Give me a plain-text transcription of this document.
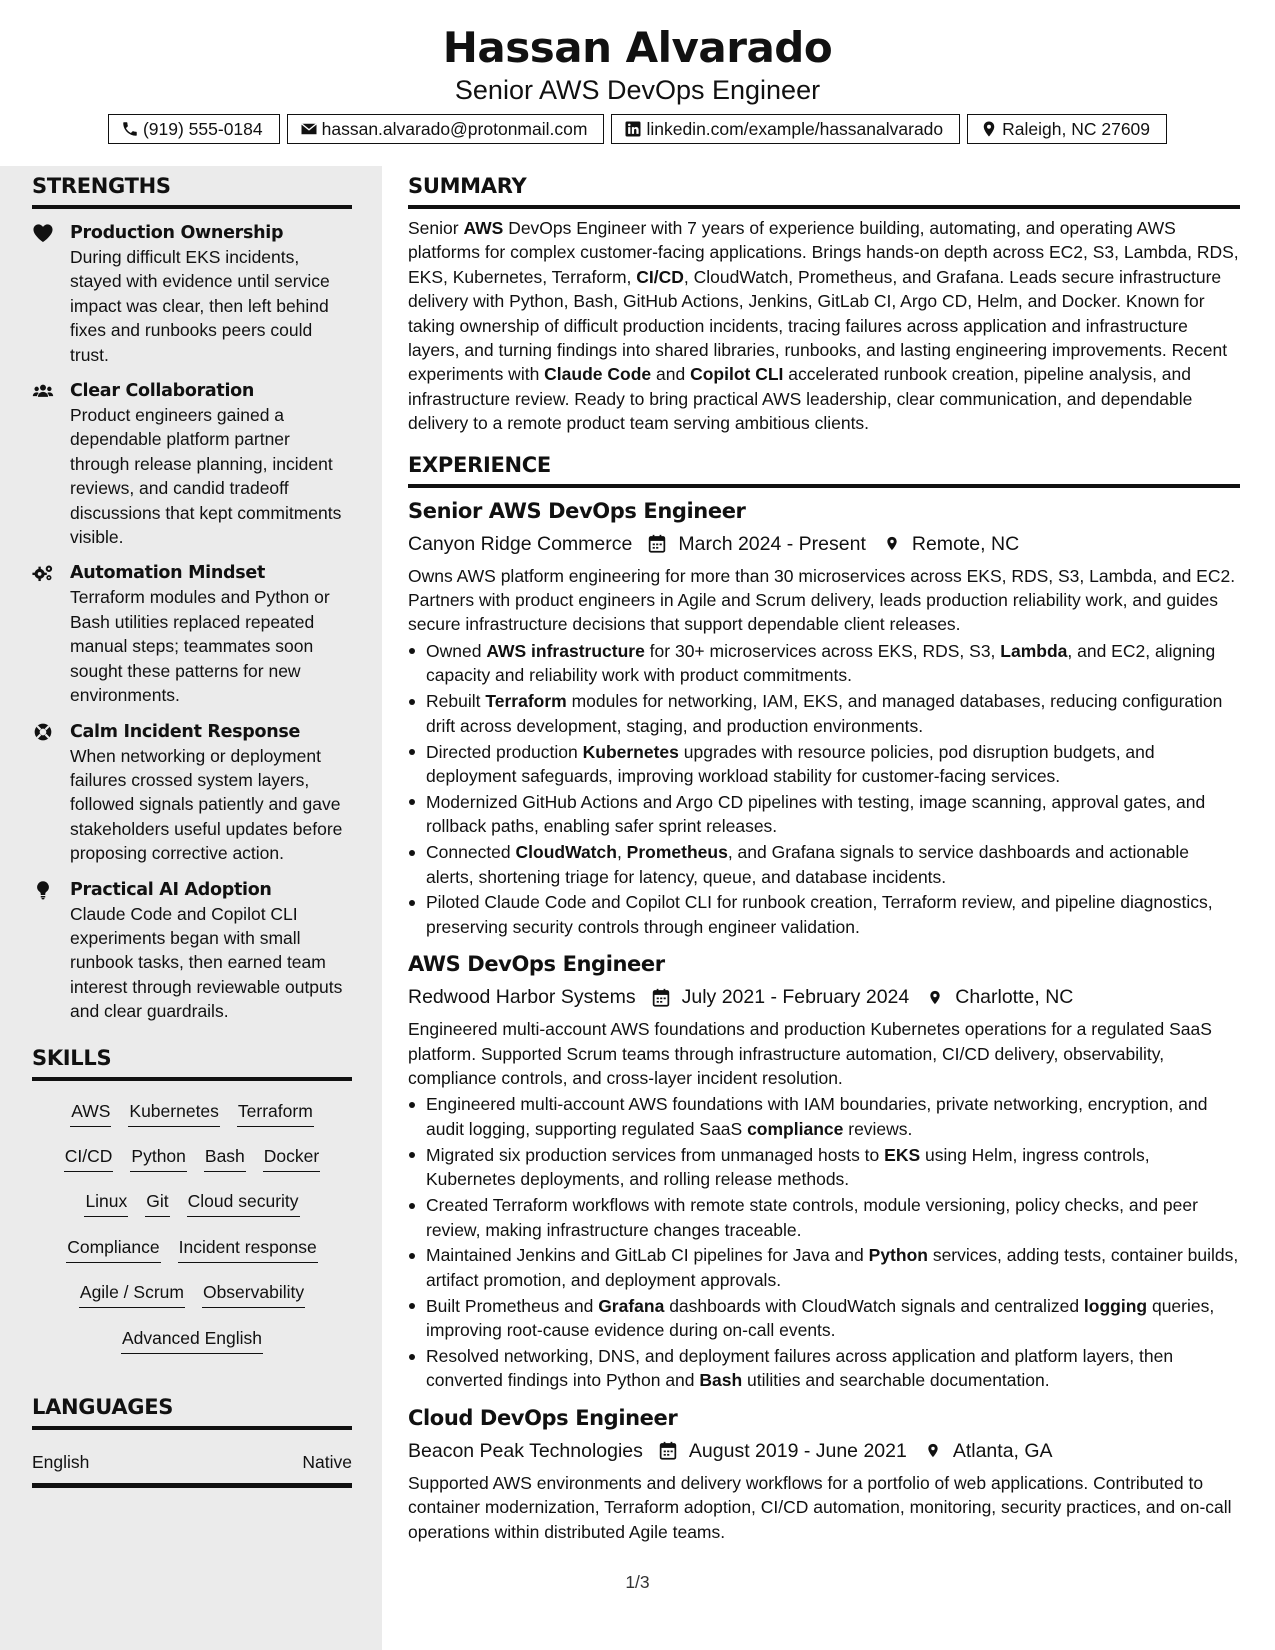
Hassan Alvarado
Senior AWS DevOps Engineer
(919) 555-0184	hassan.alvarado@protonmail.com	linkedin.com/example/hassanalvarado	Raleigh, NC 27609
STRENGTHS
Production Ownership
During difficult EKS incidents, stayed with evidence until service impact was clear, then left behind fixes and runbooks peers could trust.
Clear Collaboration
Product engineers gained a dependable platform partner through release planning, incident reviews, and candid tradeoff discussions that kept commitments visible.
Automation Mindset
Terraform modules and Python or Bash utilities replaced repeated manual steps; teammates soon sought these patterns for new environments.
Calm Incident Response
When networking or deployment failures crossed system layers, followed signals patiently and gave stakeholders useful updates before proposing corrective action.
Practical AI Adoption
Claude Code and Copilot CLI experiments began with small runbook tasks, then earned team interest through reviewable outputs and clear guardrails.
SKILLS
AWS Kubernetes Terraform
CI/CD Python Bash Docker
Linux Git Cloud security
Compliance Incident response
Agile / Scrum Observability
Advanced English
LANGUAGES
English	Native
SUMMARY

Senior AWS DevOps Engineer with 7 years of experience building, automating, and operating AWS platforms for complex customer-facing applications. Brings hands-on depth across EC2, S3, Lambda, RDS, EKS, Kubernetes, Terraform, CI/CD, CloudWatch, Prometheus, and Grafana. Leads secure infrastructure delivery with Python, Bash, GitHub Actions, Jenkins, GitLab CI, Argo CD, Helm, and Docker. Known for taking ownership of difficult production incidents, tracing failures across application and infrastructure layers, and turning findings into shared libraries, runbooks, and lasting engineering improvements. Recent experiments with Claude Code and Copilot CLI accelerated runbook creation, pipeline analysis, and infrastructure review. Ready to bring practical AWS leadership, clear communication, and dependable delivery to a remote product team serving ambitious clients.

EXPERIENCE
Senior AWS DevOps Engineer
Canyon Ridge Commerce March 2024 - Present Remote, NC

Owns AWS platform engineering for more than 30 microservices across EKS, RDS, S3, Lambda, and EC2. Partners with product engineers in Agile and Scrum delivery, leads production reliability work, and guides secure infrastructure decisions that support dependable client releases.

Owned AWS infrastructure for 30+ microservices across EKS, RDS, S3, Lambda, and EC2, aligning capacity and reliability work with product commitments.
Rebuilt Terraform modules for networking, IAM, EKS, and managed databases, reducing configuration drift across development, staging, and production environments.
Directed production Kubernetes upgrades with resource policies, pod disruption budgets, and deployment safeguards, improving workload stability for customer-facing services.
Modernized GitHub Actions and Argo CD pipelines with testing, image scanning, approval gates, and rollback paths, enabling safer sprint releases.
Connected CloudWatch, Prometheus, and Grafana signals to service dashboards and actionable alerts, shortening triage for latency, queue, and database incidents.
Piloted Claude Code and Copilot CLI for runbook creation, Terraform review, and pipeline diagnostics, preserving security controls through engineer validation.
AWS DevOps Engineer
Redwood Harbor Systems July 2021 - February 2024 Charlotte, NC

Engineered multi-account AWS foundations and production Kubernetes operations for a regulated SaaS platform. Supported Scrum teams through infrastructure automation, CI/CD delivery, observability, compliance controls, and cross-layer incident resolution.

Engineered multi-account AWS foundations with IAM boundaries, private networking, encryption, and audit logging, supporting regulated SaaS compliance reviews.
Migrated six production services from unmanaged hosts to EKS using Helm, ingress controls, Kubernetes deployments, and rolling release methods.
Created Terraform workflows with remote state controls, module versioning, policy checks, and peer review, making infrastructure changes traceable.
Maintained Jenkins and GitLab CI pipelines for Java and Python services, adding tests, container builds, artifact promotion, and deployment approvals.
Built Prometheus and Grafana dashboards with CloudWatch signals and centralized logging queries, improving root-cause evidence during on-call events.
Resolved networking, DNS, and deployment failures across application and platform layers, then converted findings into Python and Bash utilities and searchable documentation.
Cloud DevOps Engineer
Beacon Peak Technologies August 2019 - June 2021 Atlanta, GA

Supported AWS environments and delivery workflows for a portfolio of web applications. Contributed to container modernization, Terraform adoption, CI/CD automation, monitoring, security practices, and on-call operations within distributed Agile teams.

1/3
